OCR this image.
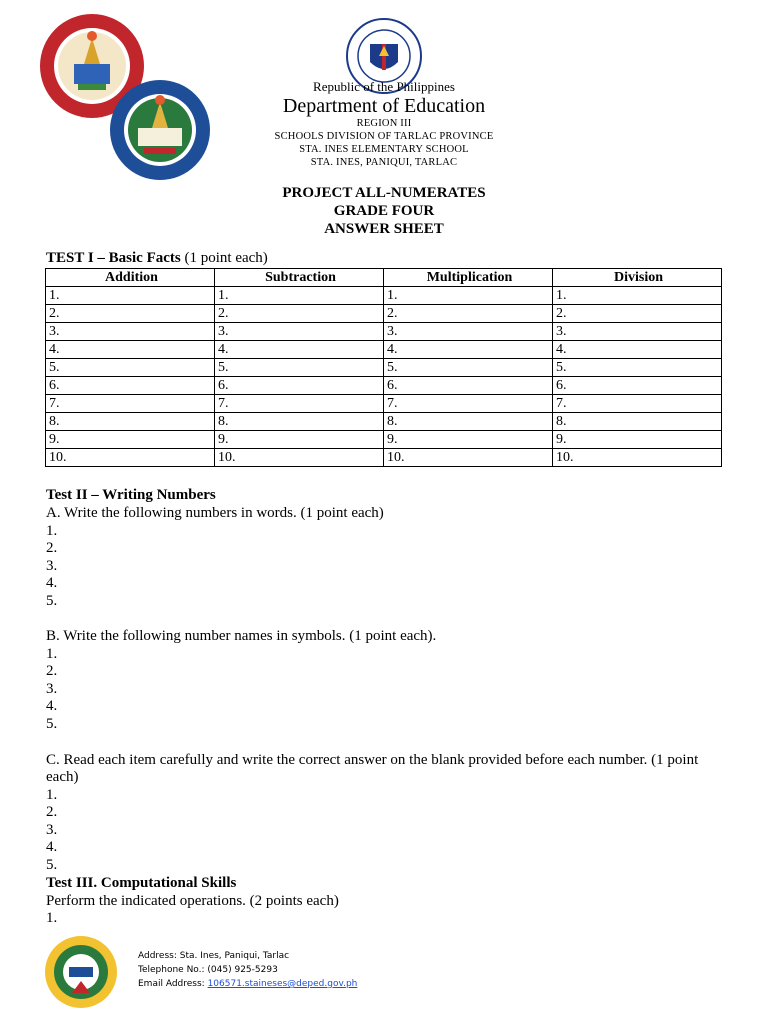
Republic of the Philippines
Department of Education
REGION III
SCHOOLS DIVISION OF TARLAC PROVINCE
STA. INES ELEMENTARY SCHOOL
STA. INES, PANIQUI, TARLAC
PROJECT ALL-NUMERATES
GRADE FOUR
ANSWER SHEET
TEST I – Basic Facts (1 point each)
Addition	Subtraction	Multiplication	Division
1.	1.	1.	1.
2.	2.	2.	2.
3.	3.	3.	3.
4.	4.	4.	4.
5.	5.	5.	5.
6.	6.	6.	6.
7.	7.	7.	7.
8.	8.	8.	8.
9.	9.	9.	9.
10.	10.	10.	10.
Test II – Writing Numbers
A. Write the following numbers in words. (1 point each)
1.
2.
3.
4.
5.
B. Write the following number names in symbols. (1 point each).
1.
2.
3.
4.
5.
C. Read each item carefully and write the correct answer on the blank provided before each number. (1 point each)
1.
2.
3.
4.
5.
Test III. Computational Skills
Perform the indicated operations. (2 points each)
1.
Address: Sta. Ines, Paniqui, Tarlac
Telephone No.: (045) 925-5293
Email Address: 106571.staineses@deped.gov.ph
